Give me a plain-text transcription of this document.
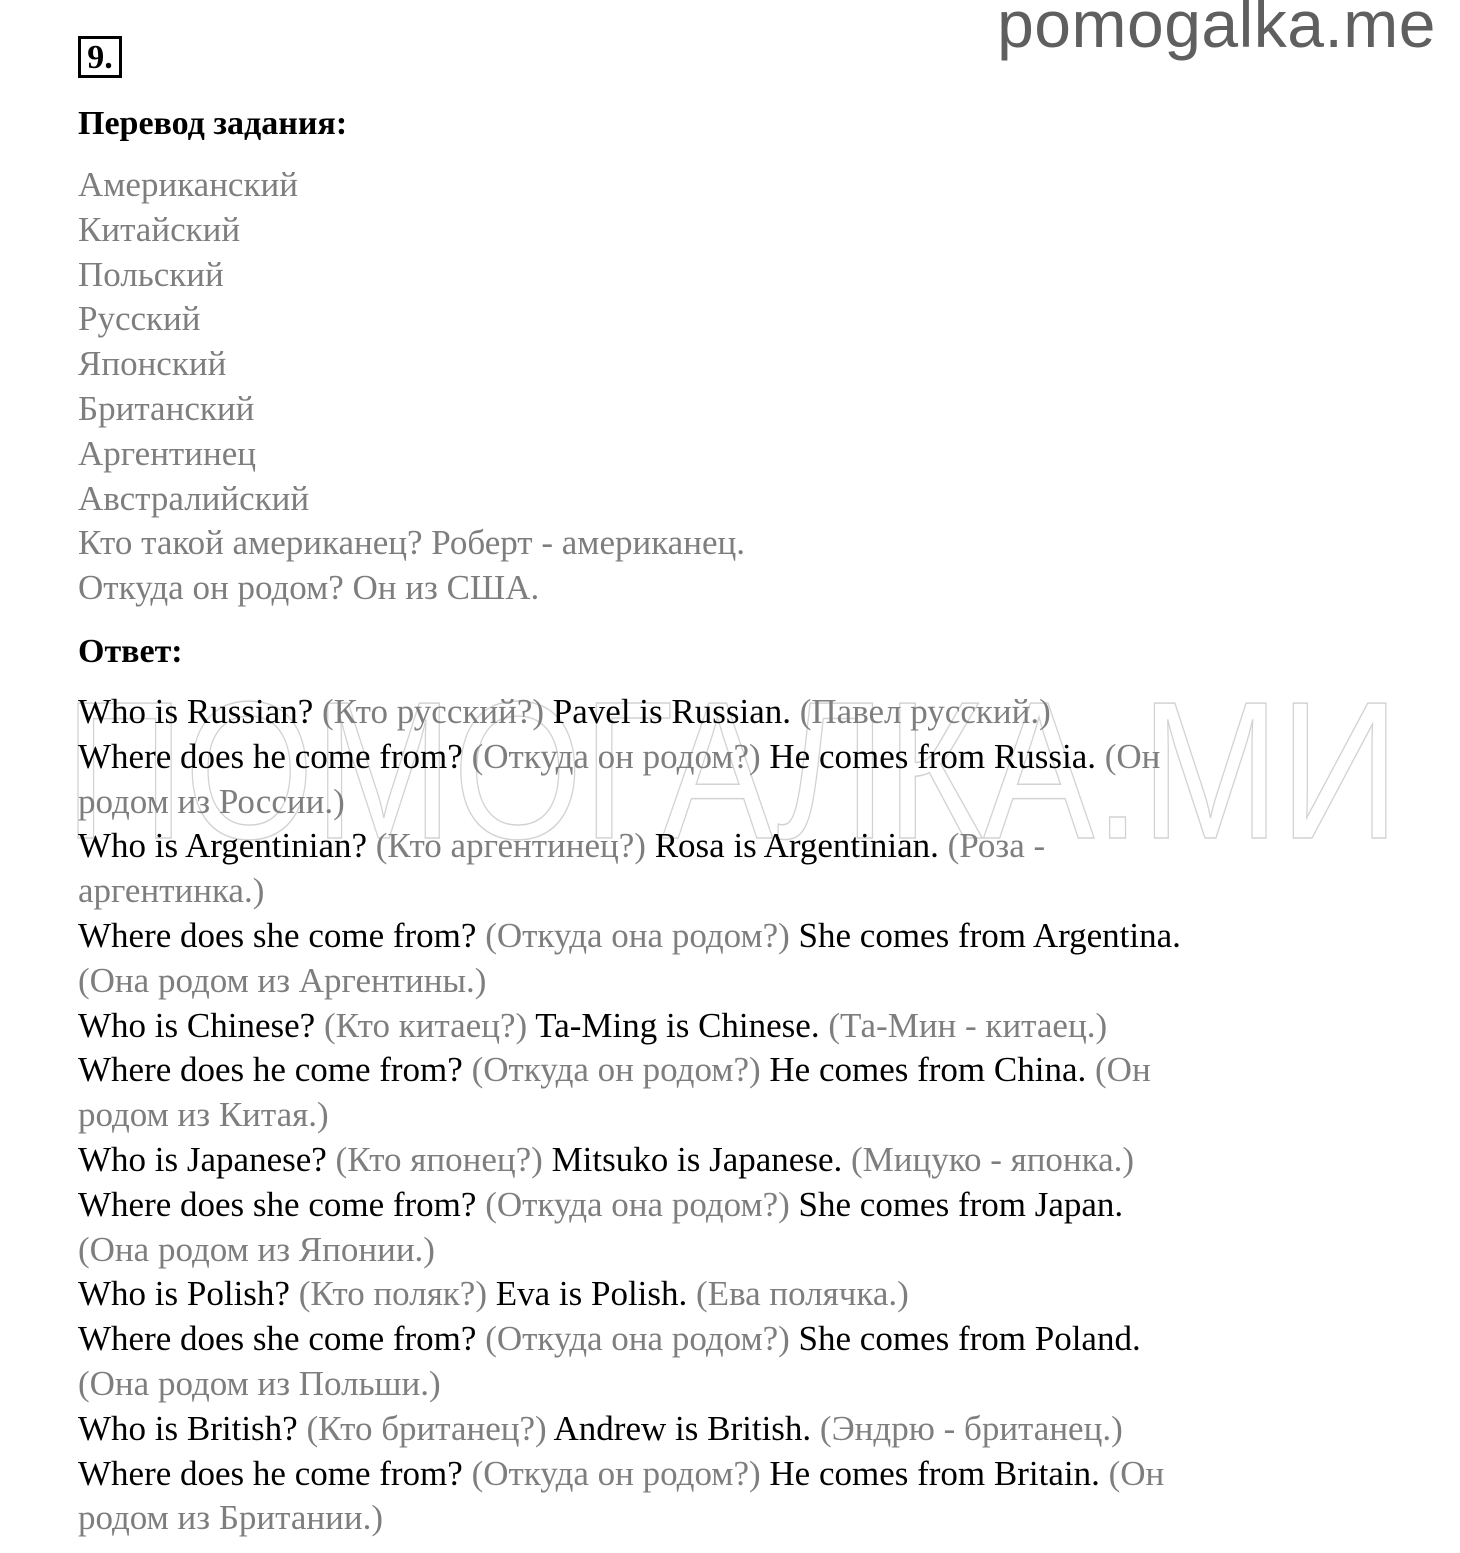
pomogalka.me
9.
Перевод задания:
Американский
Китайский
Польский
Русский
Японский
Британский
Аргентинец
Австралийский
Кто такой американец? Роберт - американец.
Откуда он родом? Он из США.
Ответ:
ПОМОГАЛКА.МИ
Who is Russian? (Кто русский?) Pavel is Russian. (Павел русский.)
Where does he come from? (Откуда он родом?) He comes from Russia. (Он
родом из России.)
Who is Argentinian? (Кто аргентинец?) Rosa is Argentinian. (Роза -
аргентинка.)
Where does she come from? (Откуда она родом?) She comes from Argentina.
(Она родом из Аргентины.)
Who is Chinese? (Кто китаец?) Ta-Ming is Chinese. (Та-Мин - китаец.)
Where does he come from? (Откуда он родом?) He comes from China. (Он
родом из Китая.)
Who is Japanese? (Кто японец?) Mitsuko is Japanese. (Мицуко - японка.)
Where does she come from? (Откуда она родом?) She comes from Japan.
(Она родом из Японии.)
Who is Polish? (Кто поляк?) Eva is Polish. (Ева полячка.)
Where does she come from? (Откуда она родом?) She comes from Poland.
(Она родом из Польши.)
Who is British? (Кто британец?) Andrew is British. (Эндрю - британец.)
Where does he come from? (Откуда он родом?) He comes from Britain. (Он
родом из Британии.)
